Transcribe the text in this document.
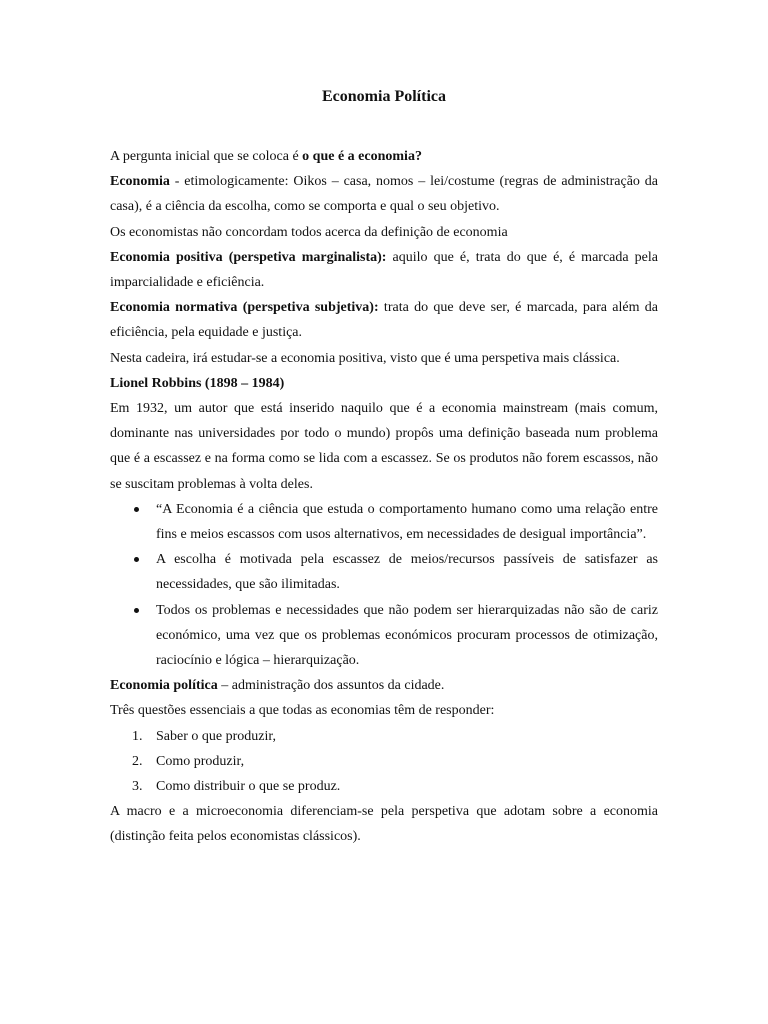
Economia Política

A pergunta inicial que se coloca é o que é a economia?

Economia - etimologicamente: Oikos – casa, nomos – lei/costume (regras de administração da casa), é a ciência da escolha, como se comporta e qual o seu objetivo.

Os economistas não concordam todos acerca da definição de economia

Economia positiva (perspetiva marginalista): aquilo que é, trata do que é, é marcada pela imparcialidade e eficiência.

Economia normativa (perspetiva subjetiva): trata do que deve ser, é marcada, para além da eficiência, pela equidade e justiça.

Nesta cadeira, irá estudar-se a economia positiva, visto que é uma perspetiva mais clássica.

Lionel Robbins (1898 – 1984)

Em 1932, um autor que está inserido naquilo que é a economia mainstream (mais comum, dominante nas universidades por todo o mundo) propôs uma definição baseada num problema que é a escassez e na forma como se lida com a escassez. Se os produtos não forem escassos, não se suscitam problemas à volta deles.

“A Economia é a ciência que estuda o comportamento humano como uma relação entre fins e meios escassos com usos alternativos, em necessidades de desigual importância”.
A escolha é motivada pela escassez de meios/recursos passíveis de satisfazer as necessidades, que são ilimitadas.
Todos os problemas e necessidades que não podem ser hierarquizadas não são de cariz económico, uma vez que os problemas económicos procuram processos de otimização, raciocínio e lógica – hierarquização.

Economia política – administração dos assuntos da cidade.

Três questões essenciais a que todas as economias têm de responder:

1. Saber o que produzir,
2. Como produzir,
3. Como distribuir o que se produz.

A macro e a microeconomia diferenciam-se pela perspetiva que adotam sobre a economia (distinção feita pelos economistas clássicos).
